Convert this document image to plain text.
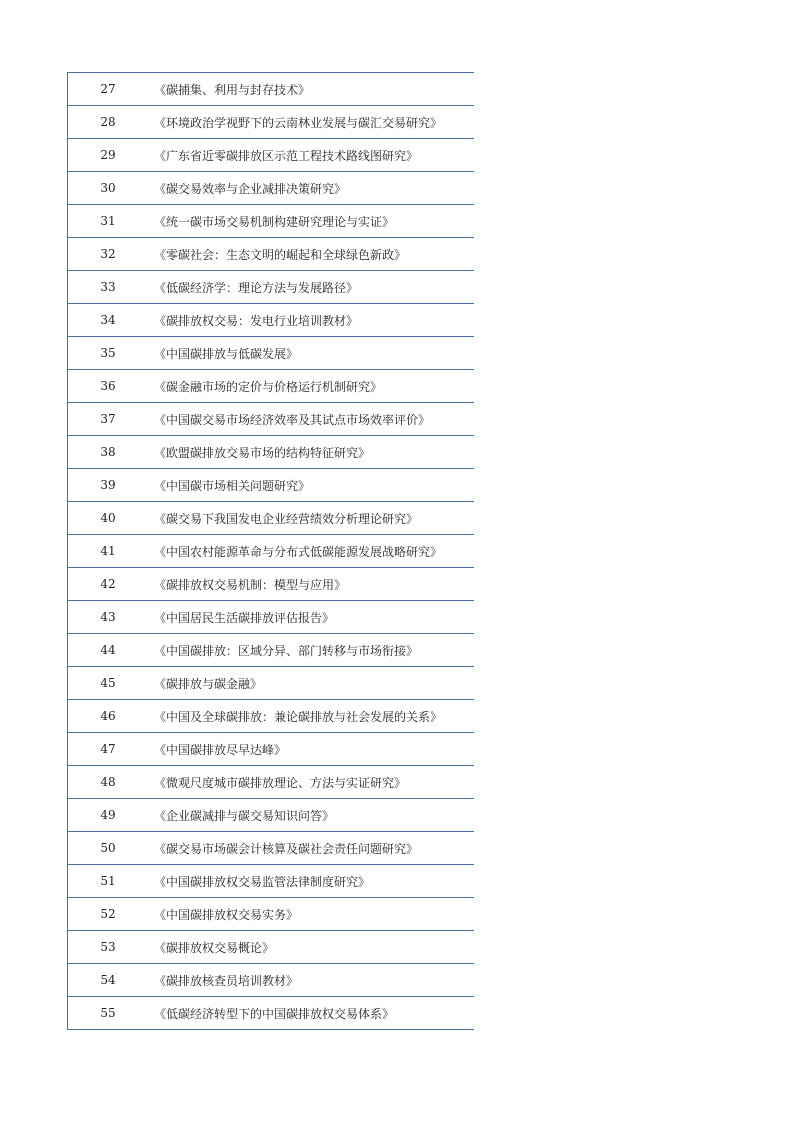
27	《碳捕集、利用与封存技术》
28	《环境政治学视野下的云南林业发展与碳汇交易研究》
29	《广东省近零碳排放区示范工程技术路线图研究》
30	《碳交易效率与企业减排决策研究》
31	《统一碳市场交易机制构建研究理论与实证》
32	《零碳社会：生态文明的崛起和全球绿色新政》
33	《低碳经济学：理论方法与发展路径》
34	《碳排放权交易：发电行业培训教材》
35	《中国碳排放与低碳发展》
36	《碳金融市场的定价与价格运行机制研究》
37	《中国碳交易市场经济效率及其试点市场效率评价》
38	《欧盟碳排放交易市场的结构特征研究》
39	《中国碳市场相关问题研究》
40	《碳交易下我国发电企业经营绩效分析理论研究》
41	《中国农村能源革命与分布式低碳能源发展战略研究》
42	《碳排放权交易机制：模型与应用》
43	《中国居民生活碳排放评估报告》
44	《中国碳排放：区域分异、部门转移与市场衔接》
45	《碳排放与碳金融》
46	《中国及全球碳排放：兼论碳排放与社会发展的关系》
47	《中国碳排放尽早达峰》
48	《微观尺度城市碳排放理论、方法与实证研究》
49	《企业碳减排与碳交易知识问答》
50	《碳交易市场碳会计核算及碳社会责任问题研究》
51	《中国碳排放权交易监管法律制度研究》
52	《中国碳排放权交易实务》
53	《碳排放权交易概论》
54	《碳排放核查员培训教材》
55	《低碳经济转型下的中国碳排放权交易体系》
